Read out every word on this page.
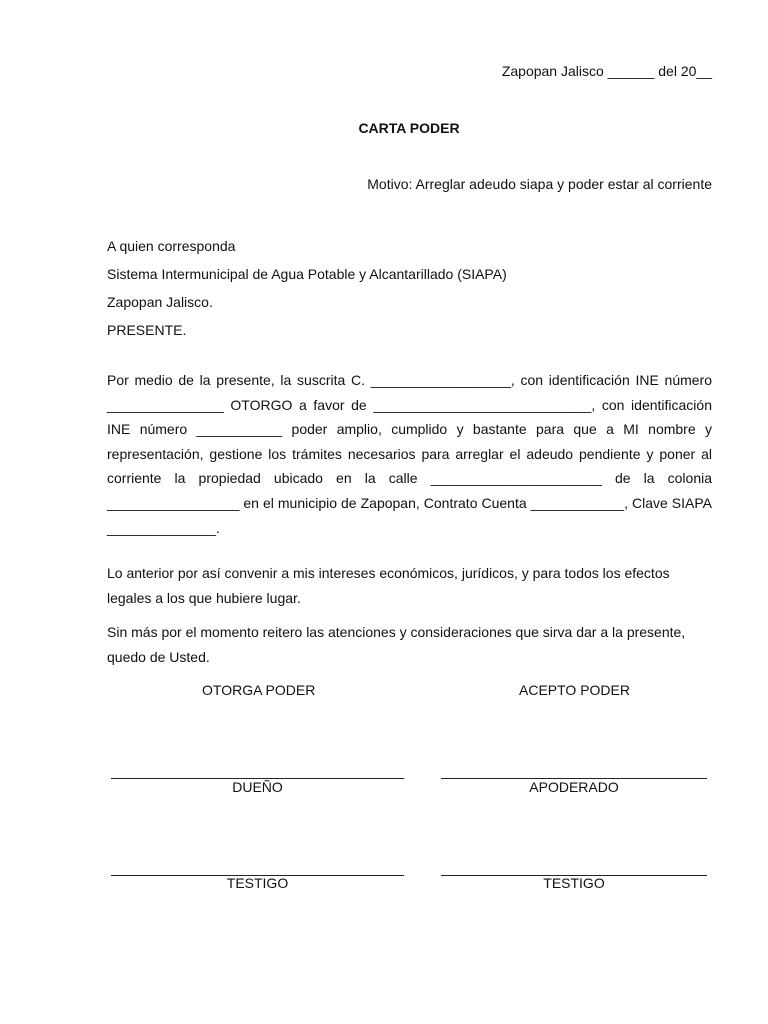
Zapopan Jalisco ______ del 20__
CARTA PODER
Motivo: Arreglar adeudo siapa y poder estar al corriente
A quien corresponda
Sistema Intermunicipal de Agua Potable y Alcantarillado (SIAPA)
Zapopan Jalisco.
PRESENTE.
Por medio de la presente, la suscrita C. __________________, con identificación INE número _______________ OTORGO a favor de ____________________________, con identificación INE número ___________ poder amplio, cumplido y bastante para que a MI nombre y representación, gestione los trámites necesarios para arreglar el adeudo pendiente y poner al corriente la propiedad ubicado en la calle ______________________ de la colonia _________________ en el municipio de Zapopan, Contrato Cuenta ____________, Clave SIAPA ______________.
Lo anterior por así convenir a mis intereses económicos, jurídicos, y para todos los efectos legales a los que hubiere lugar.
Sin más por el momento reitero las atenciones y consideraciones que sirva dar a la presente, quedo de Usted.
OTORGA PODER	ACEPTO PODER
DUEÑO	APODERADO
TESTIGO	TESTIGO
